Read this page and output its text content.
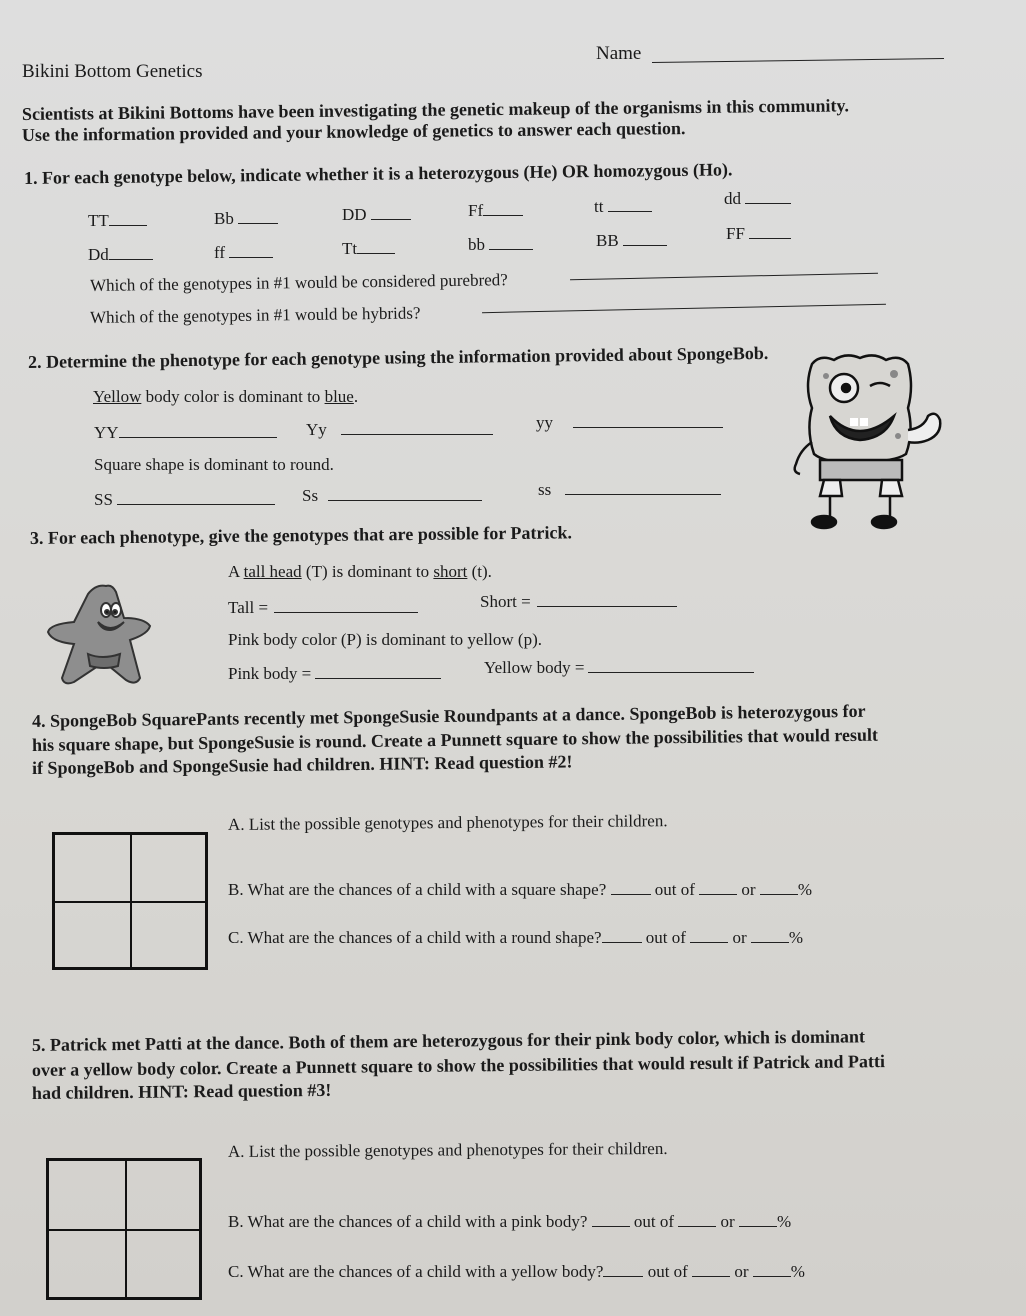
Name
Bikini Bottom Genetics
Scientists at Bikini Bottoms have been investigating the genetic makeup of the organisms in this community.
Use the information provided and your knowledge of genetics to answer each question.
1. For each genotype below, indicate whether it is a heterozygous (He) OR homozygous (Ho).
TT	Bb	DD	Ff	tt	dd
Dd	ff	Tt	bb	BB	FF
Which of the genotypes in #1 would be considered purebred?
Which of the genotypes in #1 would be hybrids?
2. Determine the phenotype for each genotype using the information provided about SpongeBob.
Yellow body color is dominant to blue.
YY	Yy	yy
Square shape is dominant to round.
SS	Ss	ss
3. For each phenotype, give the genotypes that are possible for Patrick.
A tall head (T) is dominant to short (t).
Tall =	Short =
Pink body color (P) is dominant to yellow (p).
Pink body =	Yellow body =
4. SpongeBob SquarePants recently met SpongeSusie Roundpants at a dance. SpongeBob is heterozygous for
his square shape, but SpongeSusie is round. Create a Punnett square to show the possibilities that would result
if SpongeBob and SpongeSusie had children. HINT: Read question #2!
A. List the possible genotypes and phenotypes for their children.
B. What are the chances of a child with a square shape?	out of	or %
C. What are the chances of a child with a round shape?	out of	or %
5. Patrick met Patti at the dance. Both of them are heterozygous for their pink body color, which is dominant
over a yellow body color. Create a Punnett square to show the possibilities that would result if Patrick and Patti
had children. HINT: Read question #3!
A. List the possible genotypes and phenotypes for their children.
B. What are the chances of a child with a pink body?	out of	or %
C. What are the chances of a child with a yellow body?	out of	or %
